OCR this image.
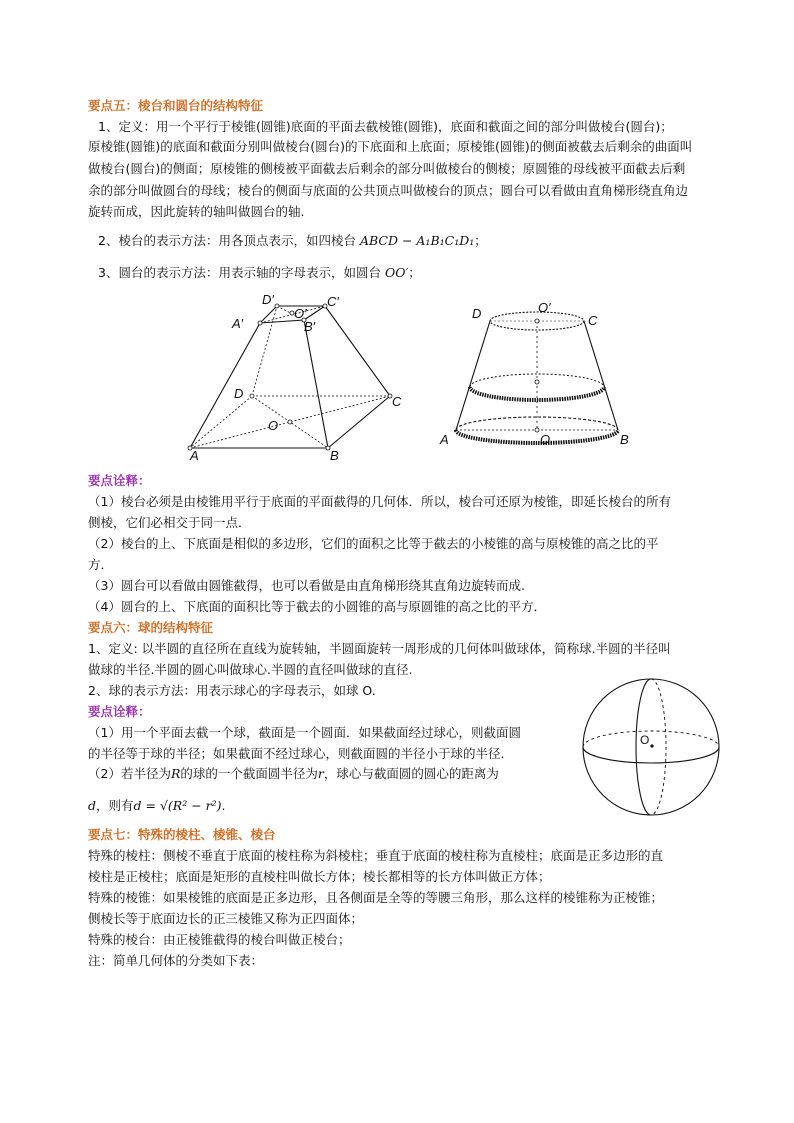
要点五：棱台和圆台的结构特征
1、定义：用一个平行于棱锥(圆锥)底面的平面去截棱锥(圆锥)，底面和截面之间的部分叫做棱台(圆台)；
原棱锥(圆锥)的底面和截面分别叫做棱台(圆台)的下底面和上底面；原棱锥(圆锥)的侧面被截去后剩余的曲面叫
做棱台(圆台)的侧面；原棱锥的侧棱被平面截去后剩余的部分叫做棱台的侧棱；原圆锥的母线被平面截去后剩
余的部分叫做圆台的母线；棱台的侧面与底面的公共顶点叫做棱台的顶点；圆台可以看做由直角梯形绕直角边
旋转而成，因此旋转的轴叫做圆台的轴.
2、棱台的表示方法：用各顶点表示，如四棱台 ABCD − A₁B₁C₁D₁；
3、圆台的表示方法：用表示轴的字母表示，如圆台 OO′；
A	B
C
D
A′	B′
C′
D′
O
O′
A	B
C
D
O
O′
要点诠释：
（1）棱台必须是由棱锥用平行于底面的平面截得的几何体．所以，棱台可还原为棱锥，即延长棱台的所有
侧棱，它们必相交于同一点．
（2）棱台的上、下底面是相似的多边形，它们的面积之比等于截去的小棱锥的高与原棱锥的高之比的平
方．
（3）圆台可以看做由圆锥截得，也可以看做是由直角梯形绕其直角边旋转而成.
（4）圆台的上、下底面的面积比等于截去的小圆锥的高与原圆锥的高之比的平方．
要点六：球的结构特征
1、定义: 以半圆的直径所在直线为旋转轴，半圆面旋转一周形成的几何体叫做球体，简称球.半圆的半径叫
做球的半径.半圆的圆心叫做球心.半圆的直径叫做球的直径.
2、球的表示方法：用表示球心的字母表示，如球 O.
要点诠释：
（1）用一个平面去截一个球，截面是一个圆面．如果截面经过球心，则截面圆
的半径等于球的半径；如果截面不经过球心，则截面圆的半径小于球的半径．
（2）若半径为R的球的一个截面圆半径为r，球心与截面圆的圆心的距离为
d，则有d = √(R² − r²).
O
要点七：特殊的棱柱、棱锥、棱台
特殊的棱柱：侧棱不垂直于底面的棱柱称为斜棱柱；垂直于底面的棱柱称为直棱柱；底面是正多边形的直
棱柱是正棱柱；底面是矩形的直棱柱叫做长方体；棱长都相等的长方体叫做正方体；
特殊的棱锥：如果棱锥的底面是正多边形，且各侧面是全等的等腰三角形，那么这样的棱锥称为正棱锥；
侧棱长等于底面边长的正三棱锥又称为正四面体；
特殊的棱台：由正棱锥截得的棱台叫做正棱台；
注：简单几何体的分类如下表：
